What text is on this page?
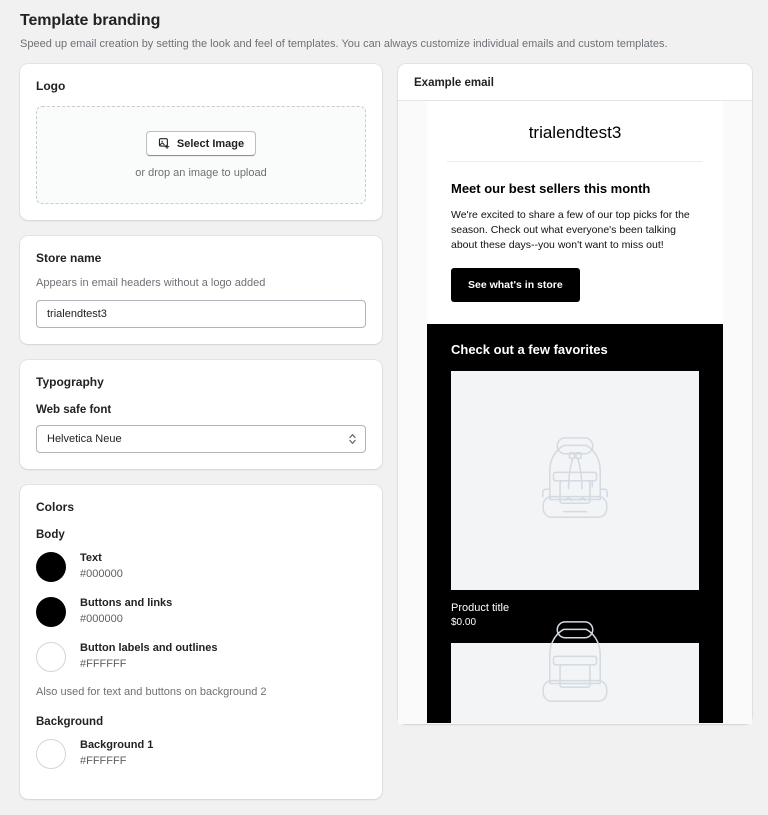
Template branding
Speed up email creation by setting the look and feel of templates. You can always customize individual emails and custom templates.
Logo
Select Image
or drop an image to upload
Store name
Appears in email headers without a logo added
trialendtest3
Typography
Web safe font
Helvetica Neue
Colors
Body
Text
#000000
Buttons and links
#000000
Button labels and outlines
#FFFFFF
Also used for text and buttons on background 2
Background
Background 1
#FFFFFF
Example email
trialendtest3
Meet our best sellers this month
We're excited to share a few of our top picks for the season. Check out what everyone's been talking about these days--you won't want to miss out!
See what's in store
Check out a few favorites
Product title
$0.00
